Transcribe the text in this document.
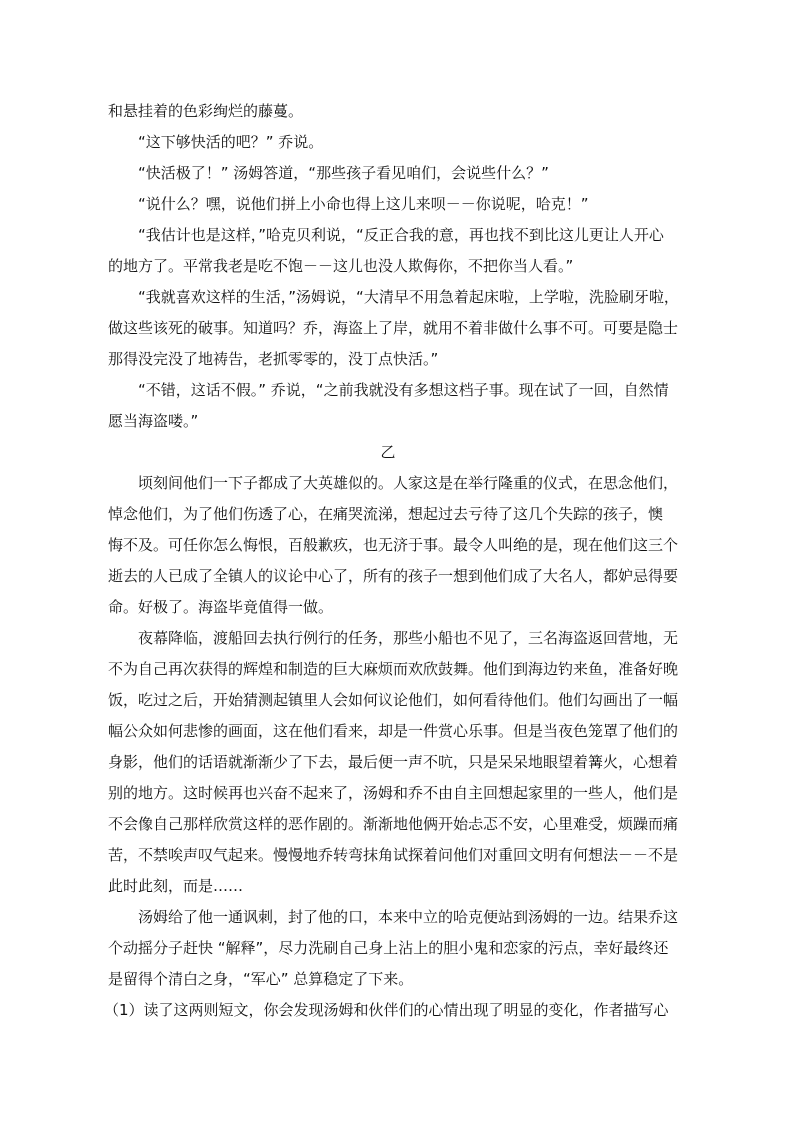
和悬挂着的色彩绚烂的藤蔓。
“这下够快活的吧？” 乔说。
“快活极了！” 汤姆答道，“那些孩子看见咱们，会说些什么？”
“说什么？嘿，说他们拼上小命也得上这儿来呗－－你说呢，哈克！”
“我估计也是这样，”哈克贝利说，“反正合我的意，再也找不到比这儿更让人开心
的地方了。平常我老是吃不饱－－这儿也没人欺侮你，不把你当人看。”
“我就喜欢这样的生活，”汤姆说，“大清早不用急着起床啦，上学啦，洗脸刷牙啦，
做这些该死的破事。知道吗？乔，海盗上了岸，就用不着非做什么事不可。可要是隐士
那得没完没了地祷告，老抓零零的，没丁点快活。”
“不错，这话不假。” 乔说，“之前我就没有多想这档子事。现在试了一回，自然情
愿当海盗喽。”
乙
顷刻间他们一下子都成了大英雄似的。人家这是在举行隆重的仪式，在思念他们，
悼念他们，为了他们伤透了心，在痛哭流涕，想起过去亏待了这几个失踪的孩子，懊
悔不及。可任你怎么悔恨，百般歉疚，也无济于事。最令人叫绝的是，现在他们这三个
逝去的人已成了全镇人的议论中心了，所有的孩子一想到他们成了大名人，都妒忌得要
命。好极了。海盗毕竟值得一做。
夜幕降临，渡船回去执行例行的任务，那些小船也不见了，三名海盗返回营地，无
不为自己再次获得的辉煌和制造的巨大麻烦而欢欣鼓舞。他们到海边钓来鱼，准备好晚
饭，吃过之后，开始猜测起镇里人会如何议论他们，如何看待他们。他们勾画出了一幅
幅公众如何悲惨的画面，这在他们看来，却是一件赏心乐事。但是当夜色笼罩了他们的
身影，他们的话语就渐渐少了下去，最后便一声不吭，只是呆呆地眼望着篝火，心想着
别的地方。这时候再也兴奋不起来了，汤姆和乔不由自主回想起家里的一些人，他们是
不会像自己那样欣赏这样的恶作剧的。渐渐地他俩开始忐忑不安，心里难受，烦躁而痛
苦，不禁唉声叹气起来。慢慢地乔转弯抹角试探着问他们对重回文明有何想法－－不是
此时此刻，而是……
汤姆给了他一通讽刺，封了他的口，本来中立的哈克便站到汤姆的一边。结果乔这
个动摇分子赶快 “解释”，尽力洗刷自己身上沾上的胆小鬼和恋家的污点，幸好最终还
是留得个清白之身，“军心” 总算稳定了下来。
（1）读了这两则短文，你会发现汤姆和伙伴们的心情出现了明显的变化，作者描写心
